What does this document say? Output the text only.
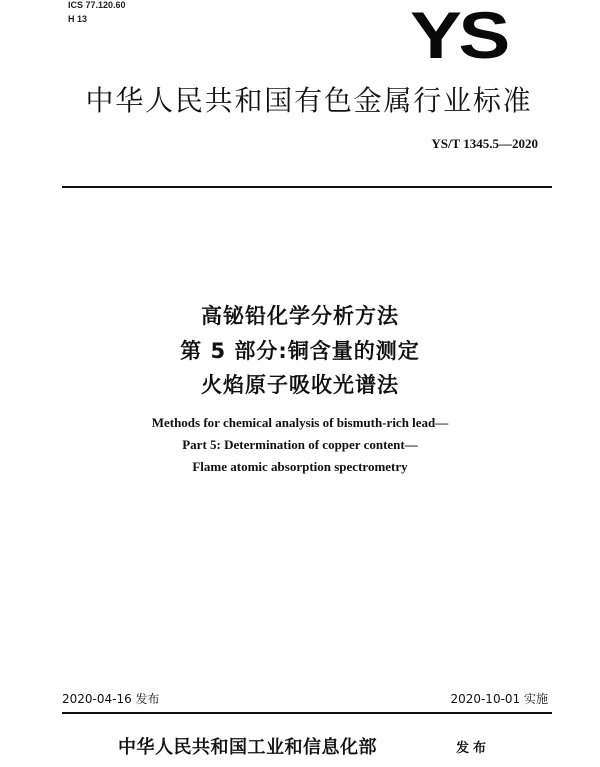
ICS 77.120.60
H 13	YS
中华人民共和国有色金属行业标准
YS/T 1345.5—2020
高铋铅化学分析方法
第 5 部分:铜含量的测定
火焰原子吸收光谱法
Methods for chemical analysis of bismuth-rich lead—
Part 5: Determination of copper content—
Flame atomic absorption spectrometry
2020-04-16 发布	2020-10-01 实施
中华人民共和国工业和信息化部	发布
